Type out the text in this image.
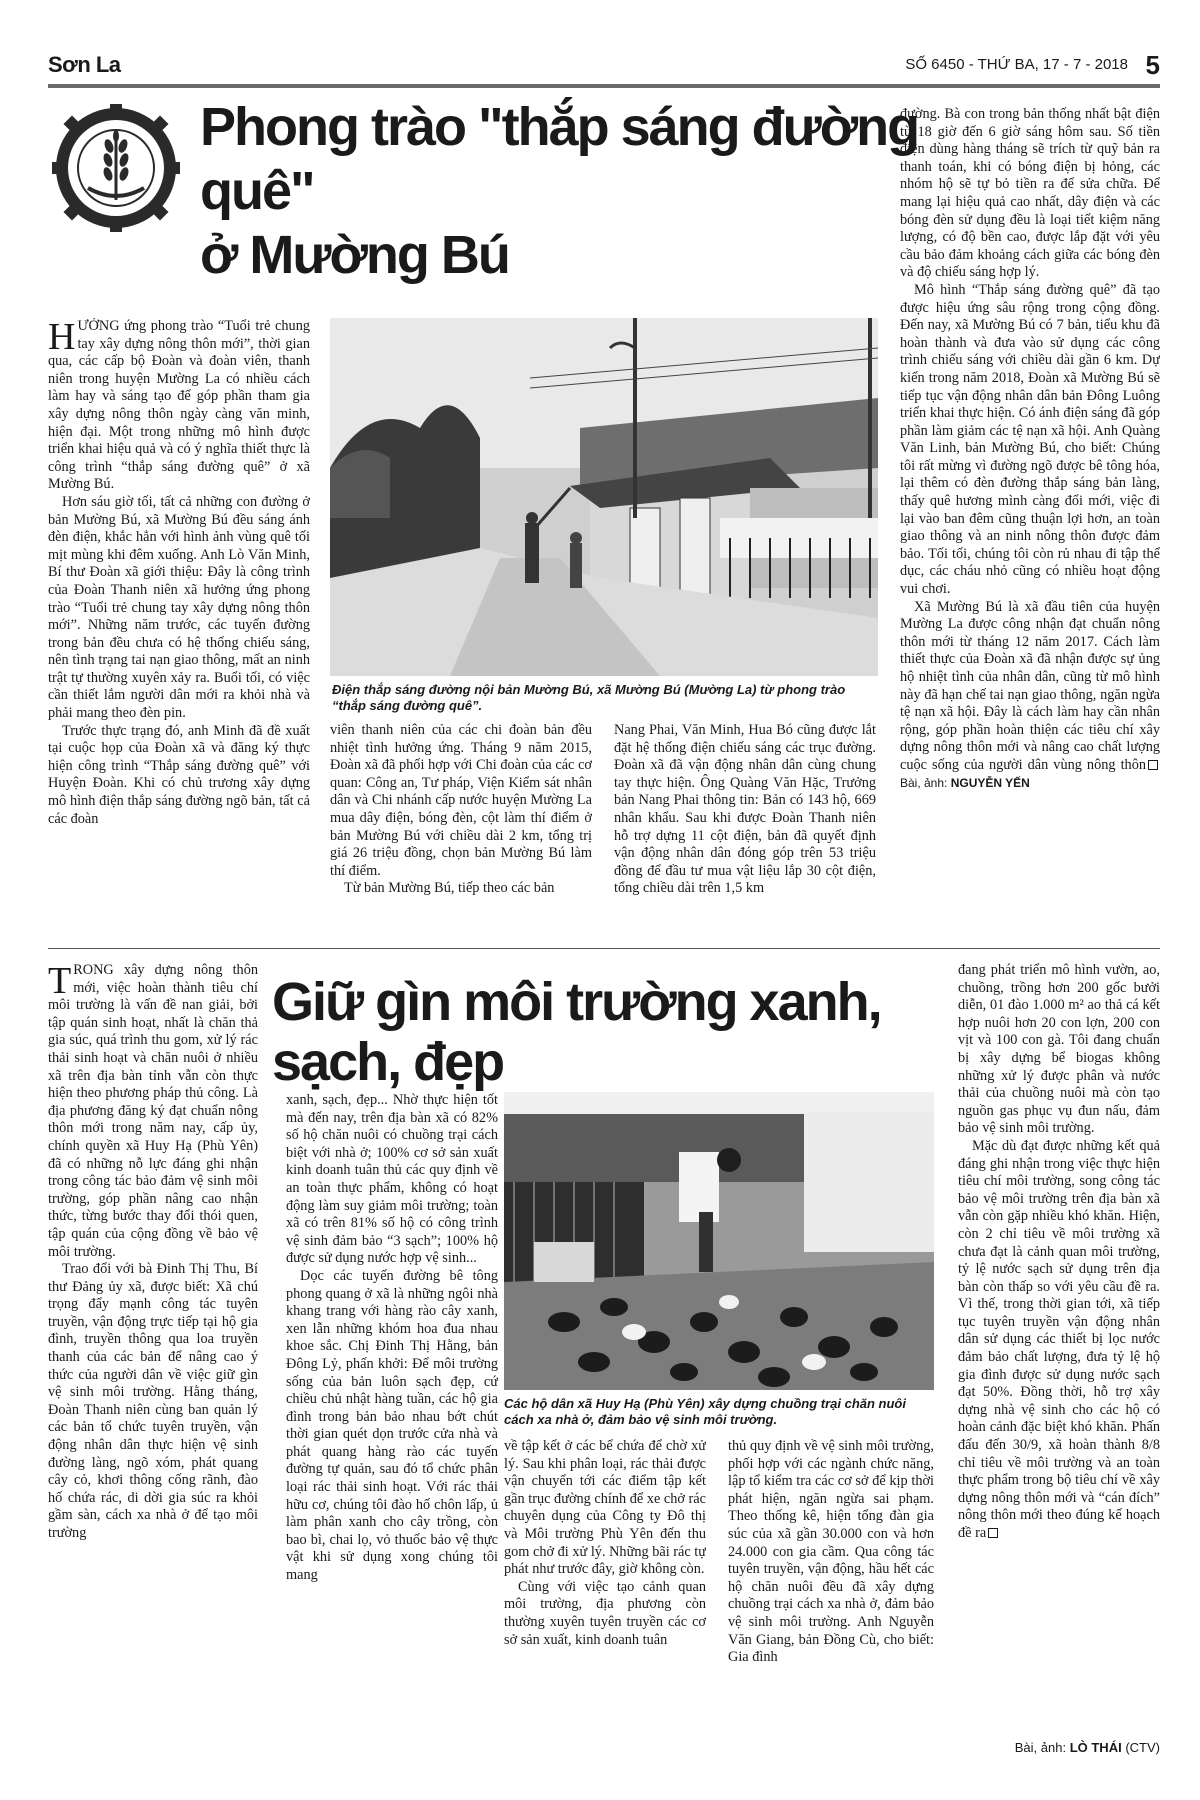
Sơn La	SỐ 6450 - THỨ BA, 17 - 7 - 2018 5
Phong trào "thắp sáng đường quê"
ở Mường Bú

HƯỞNG ứng phong trào “Tuổi trẻ chung tay xây dựng nông thôn mới”, thời gian qua, các cấp bộ Đoàn và đoàn viên, thanh niên trong huyện Mường La có nhiều cách làm hay và sáng tạo để góp phần tham gia xây dựng nông thôn ngày càng văn minh, hiện đại. Một trong những mô hình được triển khai hiệu quả và có ý nghĩa thiết thực là công trình “thắp sáng đường quê” ở xã Mường Bú.

Hơn sáu giờ tối, tất cả những con đường ở bản Mường Bú, xã Mường Bú đều sáng ánh đèn điện, khắc hẳn với hình ảnh vùng quê tối mịt mùng khi đêm xuống. Anh Lò Văn Minh, Bí thư Đoàn xã giới thiệu: Đây là công trình của Đoàn Thanh niên xã hưởng ứng phong trào “Tuổi trẻ chung tay xây dựng nông thôn mới”. Những năm trước, các tuyến đường trong bản đều chưa có hệ thống chiếu sáng, nên tình trạng tai nạn giao thông, mất an ninh trật tự thường xuyên xảy ra. Buổi tối, có việc cần thiết lắm người dân mới ra khỏi nhà và phải mang theo đèn pin.

Trước thực trạng đó, anh Minh đã đề xuất tại cuộc họp của Đoàn xã và đăng ký thực hiện công trình “Thắp sáng đường quê” với Huyện Đoàn. Khi có chủ trương xây dựng mô hình điện thắp sáng đường ngõ bản, tất cả các đoàn

Điện thắp sáng đường nội bản Mường Bú, xã Mường Bú (Mường La) từ phong trào “thắp sáng đường quê”.

viên thanh niên của các chi đoàn bản đều nhiệt tình hưởng ứng. Tháng 9 năm 2015, Đoàn xã đã phối hợp với Chi đoàn của các cơ quan: Công an, Tư pháp, Viện Kiểm sát nhân dân và Chi nhánh cấp nước huyện Mường La mua dây điện, bóng đèn, cột làm thí điểm ở bản Mường Bú với chiều dài 2 km, tổng trị giá 26 triệu đồng, chọn bản Mường Bú làm thí điểm.

Từ bản Mường Bú, tiếp theo các bản

Nang Phai, Văn Minh, Hua Bó cũng được lắt đặt hệ thống điện chiếu sáng các trục đường. Đoàn xã đã vận động nhân dân cùng chung tay thực hiện. Ông Quàng Văn Hặc, Trưởng bản Nang Phai thông tin: Bản có 143 hộ, 669 nhân khẩu. Sau khi được Đoàn Thanh niên hỗ trợ dựng 11 cột điện, bản đã quyết định vận động nhân dân đóng góp trên 53 triệu đồng để đầu tư mua vật liệu lắp 30 cột điện, tổng chiều dài trên 1,5 km

đường. Bà con trong bản thống nhất bật điện từ 18 giờ đến 6 giờ sáng hôm sau. Số tiền điện dùng hàng tháng sẽ trích từ quỹ bản ra thanh toán, khi có bóng điện bị hỏng, các nhóm hộ sẽ tự bỏ tiền ra để sửa chữa. Để mang lại hiệu quả cao nhất, dây điện và các bóng đèn sử dụng đều là loại tiết kiệm năng lượng, có độ bền cao, được lắp đặt với yêu cầu bảo đảm khoảng cách giữa các bóng đèn và độ chiếu sáng hợp lý.

Mô hình “Thắp sáng đường quê” đã tạo được hiệu ứng sâu rộng trong cộng đồng. Đến nay, xã Mường Bú có 7 bản, tiểu khu đã hoàn thành và đưa vào sử dụng các công trình chiếu sáng với chiều dài gần 6 km. Dự kiến trong năm 2018, Đoàn xã Mường Bú sẽ tiếp tục vận động nhân dân bản Đông Luông triển khai thực hiện. Có ánh điện sáng đã góp phần làm giảm các tệ nạn xã hội. Anh Quàng Văn Linh, bản Mường Bú, cho biết: Chúng tôi rất mừng vì đường ngõ được bê tông hóa, lại thêm có đèn đường thắp sáng bản làng, thấy quê hương mình càng đổi mới, việc đi lại vào ban đêm cũng thuận lợi hơn, an toàn giao thông và an ninh nông thôn được đảm bảo. Tối tối, chúng tôi còn rủ nhau đi tập thể dục, các cháu nhỏ cũng có nhiều hoạt động vui chơi.

Xã Mường Bú là xã đầu tiên của huyện Mường La được công nhận đạt chuẩn nông thôn mới từ tháng 12 năm 2017. Cách làm thiết thực của Đoàn xã đã nhận được sự ủng hộ nhiệt tình của nhân dân, cũng từ mô hình này đã hạn chế tai nạn giao thông, ngăn ngừa tệ nạn xã hội. Đây là cách làm hay cần nhân rộng, góp phần hoàn thiện các tiêu chí xây dựng nông thôn mới và nâng cao chất lượng cuộc sống của người dân vùng nông thôn Bài, ảnh: NGUYỄN YẾN

Giữ gìn môi trường xanh, sạch, đẹp

TRONG xây dựng nông thôn mới, việc hoàn thành tiêu chí môi trường là vấn đề nan giải, bởi tập quán sinh hoạt, nhất là chăn thả gia súc, quá trình thu gom, xử lý rác thải sinh hoạt và chăn nuôi ở nhiều xã trên địa bàn tỉnh vẫn còn thực hiện theo phương pháp thủ công. Là địa phương đăng ký đạt chuẩn nông thôn mới trong năm nay, cấp ủy, chính quyền xã Huy Hạ (Phù Yên) đã có những nỗ lực đáng ghi nhận trong công tác bảo đảm vệ sinh môi trường, góp phần nâng cao nhận thức, từng bước thay đổi thói quen, tập quán của cộng đồng về bảo vệ môi trường.

Trao đổi với bà Đinh Thị Thu, Bí thư Đảng ủy xã, được biết: Xã chú trọng đẩy mạnh công tác tuyên truyền, vận động trực tiếp tại hộ gia đình, truyền thông qua loa truyền thanh của các bản để nâng cao ý thức của người dân về việc giữ gìn vệ sinh môi trường. Hằng tháng, Đoàn Thanh niên cùng ban quản lý các bản tổ chức tuyên truyền, vận động nhân dân thực hiện vệ sinh đường làng, ngõ xóm, phát quang cây cỏ, khơi thông cống rãnh, đào hố chứa rác, di dời gia súc ra khỏi gầm sàn, cách xa nhà ở để tạo môi trường

xanh, sạch, đẹp... Nhờ thực hiện tốt mà đến nay, trên địa bàn xã có 82% số hộ chăn nuôi có chuồng trại cách biệt với nhà ở; 100% cơ sở sản xuất kinh doanh tuân thủ các quy định về an toàn thực phẩm, không có hoạt động làm suy giảm môi trường; toàn xã có trên 81% số hộ có công trình vệ sinh đảm bảo “3 sạch”; 100% hộ được sử dụng nước hợp vệ sinh...

Dọc các tuyến đường bê tông phong quang ở xã là những ngôi nhà khang trang với hàng rào cây xanh, xen lẫn những khóm hoa đua nhau khoe sắc. Chị Đinh Thị Hằng, bản Đông Lỷ, phấn khởi: Để môi trường sống của bản luôn sạch đẹp, cứ chiều chủ nhật hàng tuần, các hộ gia đình trong bản bảo nhau bớt chút thời gian quét dọn trước cửa nhà và phát quang hàng rào các tuyến đường tự quản, sau đó tổ chức phân loại rác thải sinh hoạt. Với rác thải hữu cơ, chúng tôi đào hố chôn lấp, ủ làm phân xanh cho cây trồng, còn bao bì, chai lọ, vỏ thuốc bảo vệ thực vật khi sử dụng xong chúng tôi mang

Các hộ dân xã Huy Hạ (Phù Yên) xây dựng chuồng trại chăn nuôi cách xa nhà ở, đảm bảo vệ sinh môi trường.

về tập kết ở các bể chứa để chờ xử lý. Sau khi phân loại, rác thải được vận chuyển tới các điểm tập kết gần trục đường chính để xe chở rác chuyên dụng của Công ty Đô thị và Môi trường Phù Yên đến thu gom chở đi xử lý. Những bãi rác tự phát như trước đây, giờ không còn.

Cùng với việc tạo cảnh quan môi trường, địa phương còn thường xuyên tuyên truyền các cơ sở sản xuất, kinh doanh tuân

thủ quy định về vệ sinh môi trường, phối hợp với các ngành chức năng, lập tổ kiểm tra các cơ sở để kịp thời phát hiện, ngăn ngừa sai phạm. Theo thống kê, hiện tổng đàn gia súc của xã gần 30.000 con và hơn 24.000 con gia cầm. Qua công tác tuyên truyền, vận động, hầu hết các hộ chăn nuôi đều đã xây dựng chuồng trại cách xa nhà ở, đảm bảo vệ sinh môi trường. Anh Nguyễn Văn Giang, bản Đồng Cù, cho biết: Gia đình

đang phát triển mô hình vườn, ao, chuồng, trồng hơn 200 gốc bưởi diễn, 01 đào 1.000 m² ao thả cá kết hợp nuôi hơn 20 con lợn, 200 con vịt và 100 con gà. Tôi đang chuẩn bị xây dựng bể biogas không những xử lý được phân và nước thải của chuồng nuôi mà còn tạo nguồn gas phục vụ đun nấu, đảm bảo vệ sinh môi trường.

Mặc dù đạt được những kết quả đáng ghi nhận trong việc thực hiện tiêu chí môi trường, song công tác bảo vệ môi trường trên địa bàn xã vẫn còn gặp nhiều khó khăn. Hiện, còn 2 chỉ tiêu về môi trường xã chưa đạt là cảnh quan môi trường, tỷ lệ nước sạch sử dụng trên địa bàn còn thấp so với yêu cầu đề ra. Vì thế, trong thời gian tới, xã tiếp tục tuyên truyền vận động nhân dân sử dụng các thiết bị lọc nước đảm bảo chất lượng, đưa tỷ lệ hộ gia đình được sử dụng nước sạch đạt 50%. Đồng thời, hỗ trợ xây dựng nhà vệ sinh cho các hộ có hoàn cảnh đặc biệt khó khăn. Phấn đấu đến 30/9, xã hoàn thành 8/8 chỉ tiêu về môi trường và an toàn thực phẩm trong bộ tiêu chí về xây dựng nông thôn mới và “cán đích” nông thôn mới theo đúng kế hoạch đề ra

Bài, ảnh: LÒ THÁI (CTV)
